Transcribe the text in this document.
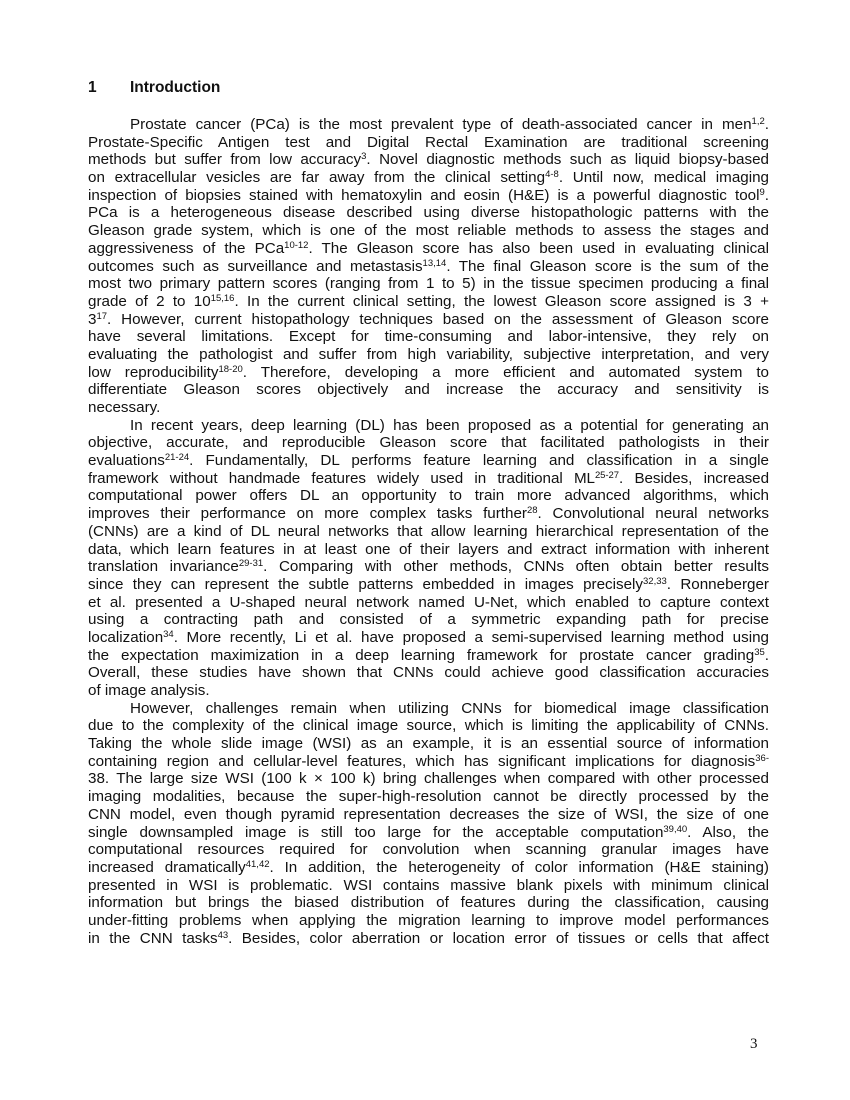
1 Introduction
Prostate cancer (PCa) is the most prevalent type of death-associated cancer in men$^{1,2}$.
Prostate-Specific Antigen test and Digital Rectal Examination are traditional screening
methods but suffer from low accuracy$^3$. Novel diagnostic methods such as liquid biopsy-based
on extracellular vesicles are far away from the clinical setting$^{4-8}$. Until now, medical imaging
inspection of biopsies stained with hematoxylin and eosin (H&E) is a powerful diagnostic tool$^9$.
PCa is a heterogeneous disease described using diverse histopathologic patterns with the
Gleason grade system, which is one of the most reliable methods to assess the stages and
aggressiveness of the PCa$^{10-12}$. The Gleason score has also been used in evaluating clinical
outcomes such as surveillance and metastasis$^{13,14}$. The final Gleason score is the sum of the
most two primary pattern scores (ranging from 1 to 5) in the tissue specimen producing a final
grade of 2 to 10$^{15,16}$. In the current clinical setting, the lowest Gleason score assigned is 3 +
$3^{17}$. However, current histopathology techniques based on the assessment of Gleason score
have several limitations. Except for time-consuming and labor-intensive, they rely on
evaluating the pathologist and suffer from high variability, subjective interpretation, and very
low reproducibility$^{18-20}$. Therefore, developing a more efficient and automated system to
differentiate Gleason scores objectively and increase the accuracy and sensitivity is
necessary.
In recent years, deep learning (DL) has been proposed as a potential for generating an
objective, accurate, and reproducible Gleason score that facilitated pathologists in their
evaluations$^{21-24}$. Fundamentally, DL performs feature learning and classification in a single
framework without handmade features widely used in traditional ML$^{25-27}$. Besides, increased
computational power offers DL an opportunity to train more advanced algorithms, which
improves their performance on more complex tasks further$^{28}$. Convolutional neural networks
(CNNs) are a kind of DL neural networks that allow learning hierarchical representation of the
data, which learn features in at least one of their layers and extract information with inherent
translation invariance$^{29-31}$. Comparing with other methods, CNNs often obtain better results
since they can represent the subtle patterns embedded in images precisely$^{32,33}$. Ronneberger
et al. presented a U-shaped neural network named U-Net, which enabled to capture context
using a contracting path and consisted of a symmetric expanding path for precise
localization$^{34}$. More recently, Li et al. have proposed a semi-supervised learning method using
the expectation maximization in a deep learning framework for prostate cancer grading$^{35}$.
Overall, these studies have shown that CNNs could achieve good classification accuracies
of image analysis.
However, challenges remain when utilizing CNNs for biomedical image classification
due to the complexity of the clinical image source, which is limiting the applicability of CNNs.
Taking the whole slide image (WSI) as an example, it is an essential source of information
containing region and cellular-level features, which has significant implications for diagnosis$^{36-}$
38. The large size WSI (100 k × 100 k) bring challenges when compared with other processed
imaging modalities, because the super-high-resolution cannot be directly processed by the
CNN model, even though pyramid representation decreases the size of WSI, the size of one
single downsampled image is still too large for the acceptable computation$^{39,40}$. Also, the
computational resources required for convolution when scanning granular images have
increased dramatically$^{41,42}$. In addition, the heterogeneity of color information (H&E staining)
presented in WSI is problematic. WSI contains massive blank pixels with minimum clinical
information but brings the biased distribution of features during the classification, causing
under-fitting problems when applying the migration learning to improve model performances
in the CNN tasks$^{43}$. Besides, color aberration or location error of tissues or cells that affect
3
